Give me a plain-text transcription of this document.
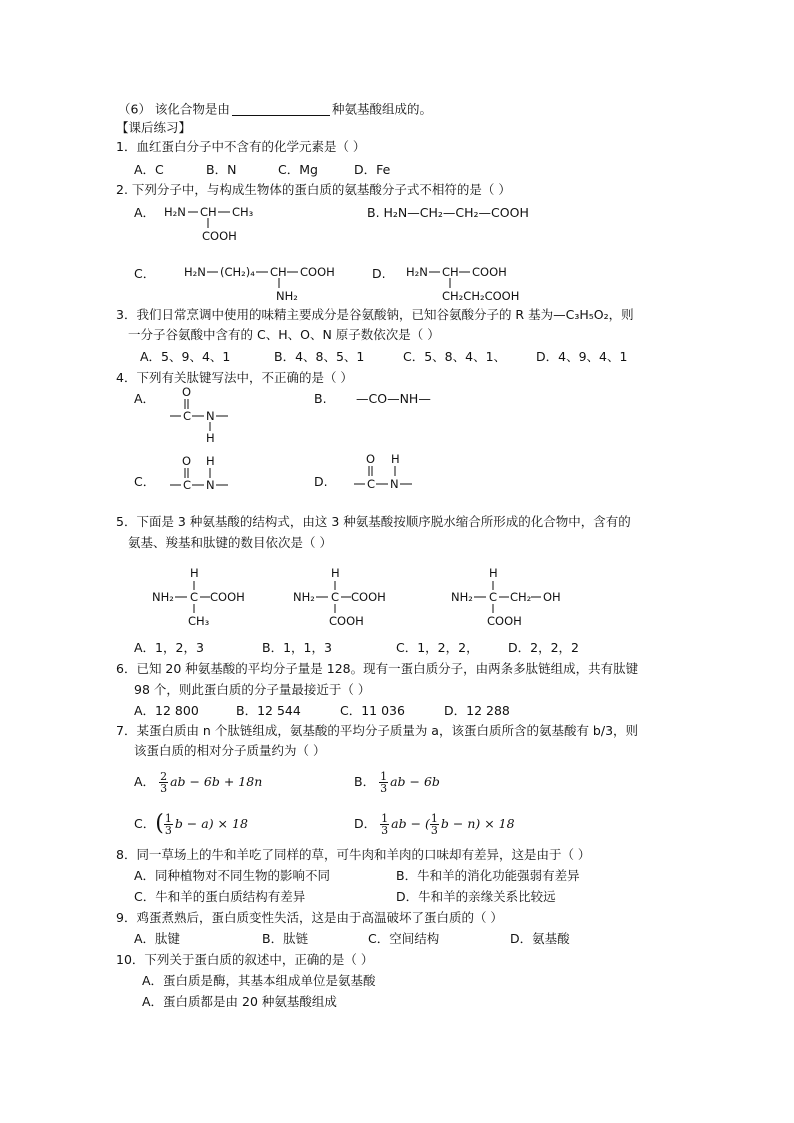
（6） 该化合物是由	种氨基酸组成的。
【课后练习】
1．血红蛋白分子中不含有的化学元素是（ ）
A．C	B．N	C．Mg	D．Fe
2. 下列分子中，与构成生物体的蛋白质的氨基酸分子式不相符的是（ ）
A． H₂N CH CH₃
COOH
B. H₂N—CH₂—CH₂—COOH
C．	H₂N (CH₂)₄ CH COOH
NH₂
D. H₂N CH COOH
CH₂CH₂COOH
3．我们日常烹调中使用的味精主要成分是谷氨酸钠，已知谷氨酸分子的 R 基为—C₃H₅O₂，则
一分子谷氨酸中含有的 C、H、O、N 原子数依次是（ ）
A．5、9、4、1	B．4、8、5、1	C．5、8、4、1、 D．4、9、4、1
4．下列有关肽键写法中，不正确的是（ ）
A． O
C N
H
B. —CO—NH—
C．
O H
C N	D.
O H
C N
5．下面是 3 种氨基酸的结构式，由这 3 种氨基酸按顺序脱水缩合所形成的化合物中，含有的
氨基、羧基和肽键的数目依次是（ ）
H
NH₂ C COOH
CH₃
H
NH₂ C COOH
COOH
H
NH₂ C CH₂ OH
COOH
A．1，2，3	B．1，1，3	C．1，2，2， D．2，2，2
6．已知 20 种氨基酸的平均分子量是 128。现有一蛋白质分子，由两条多肽链组成，共有肽键
98 个，则此蛋白质的分子量最接近于（ ）
A．12 800	B．12 544	C．11 036	D．12 288
7．某蛋白质由 n 个肽链组成，氨基酸的平均分子质量为 a，该蛋白质所含的氨基酸有 b/3，则
该蛋白质的相对分子质量约为（ ）
A． $\frac{2}{3}$ ab − 6b + 18n	B． $\frac{1}{3}$ ab − 6b
C． ( $\frac{1}{3}$ b − a) × 18	D． $\frac{1}{3}$ ab − ( $\frac{1}{3}$ b − n) × 18
8．同一草场上的牛和羊吃了同样的草，可牛肉和羊肉的口味却有差异，这是由于（ ）
A．同种植物对不同生物的影响不同	B．牛和羊的消化功能强弱有差异
C．牛和羊的蛋白质结构有差异	D．牛和羊的亲缘关系比较远
9．鸡蛋煮熟后，蛋白质变性失活，这是由于高温破坏了蛋白质的（ ）
A．肽键	B．肽链	C．空间结构	D．氨基酸
10．下列关于蛋白质的叙述中，正确的是（ ）
A．蛋白质是酶，其基本组成单位是氨基酸
A．蛋白质都是由 20 种氨基酸组成
